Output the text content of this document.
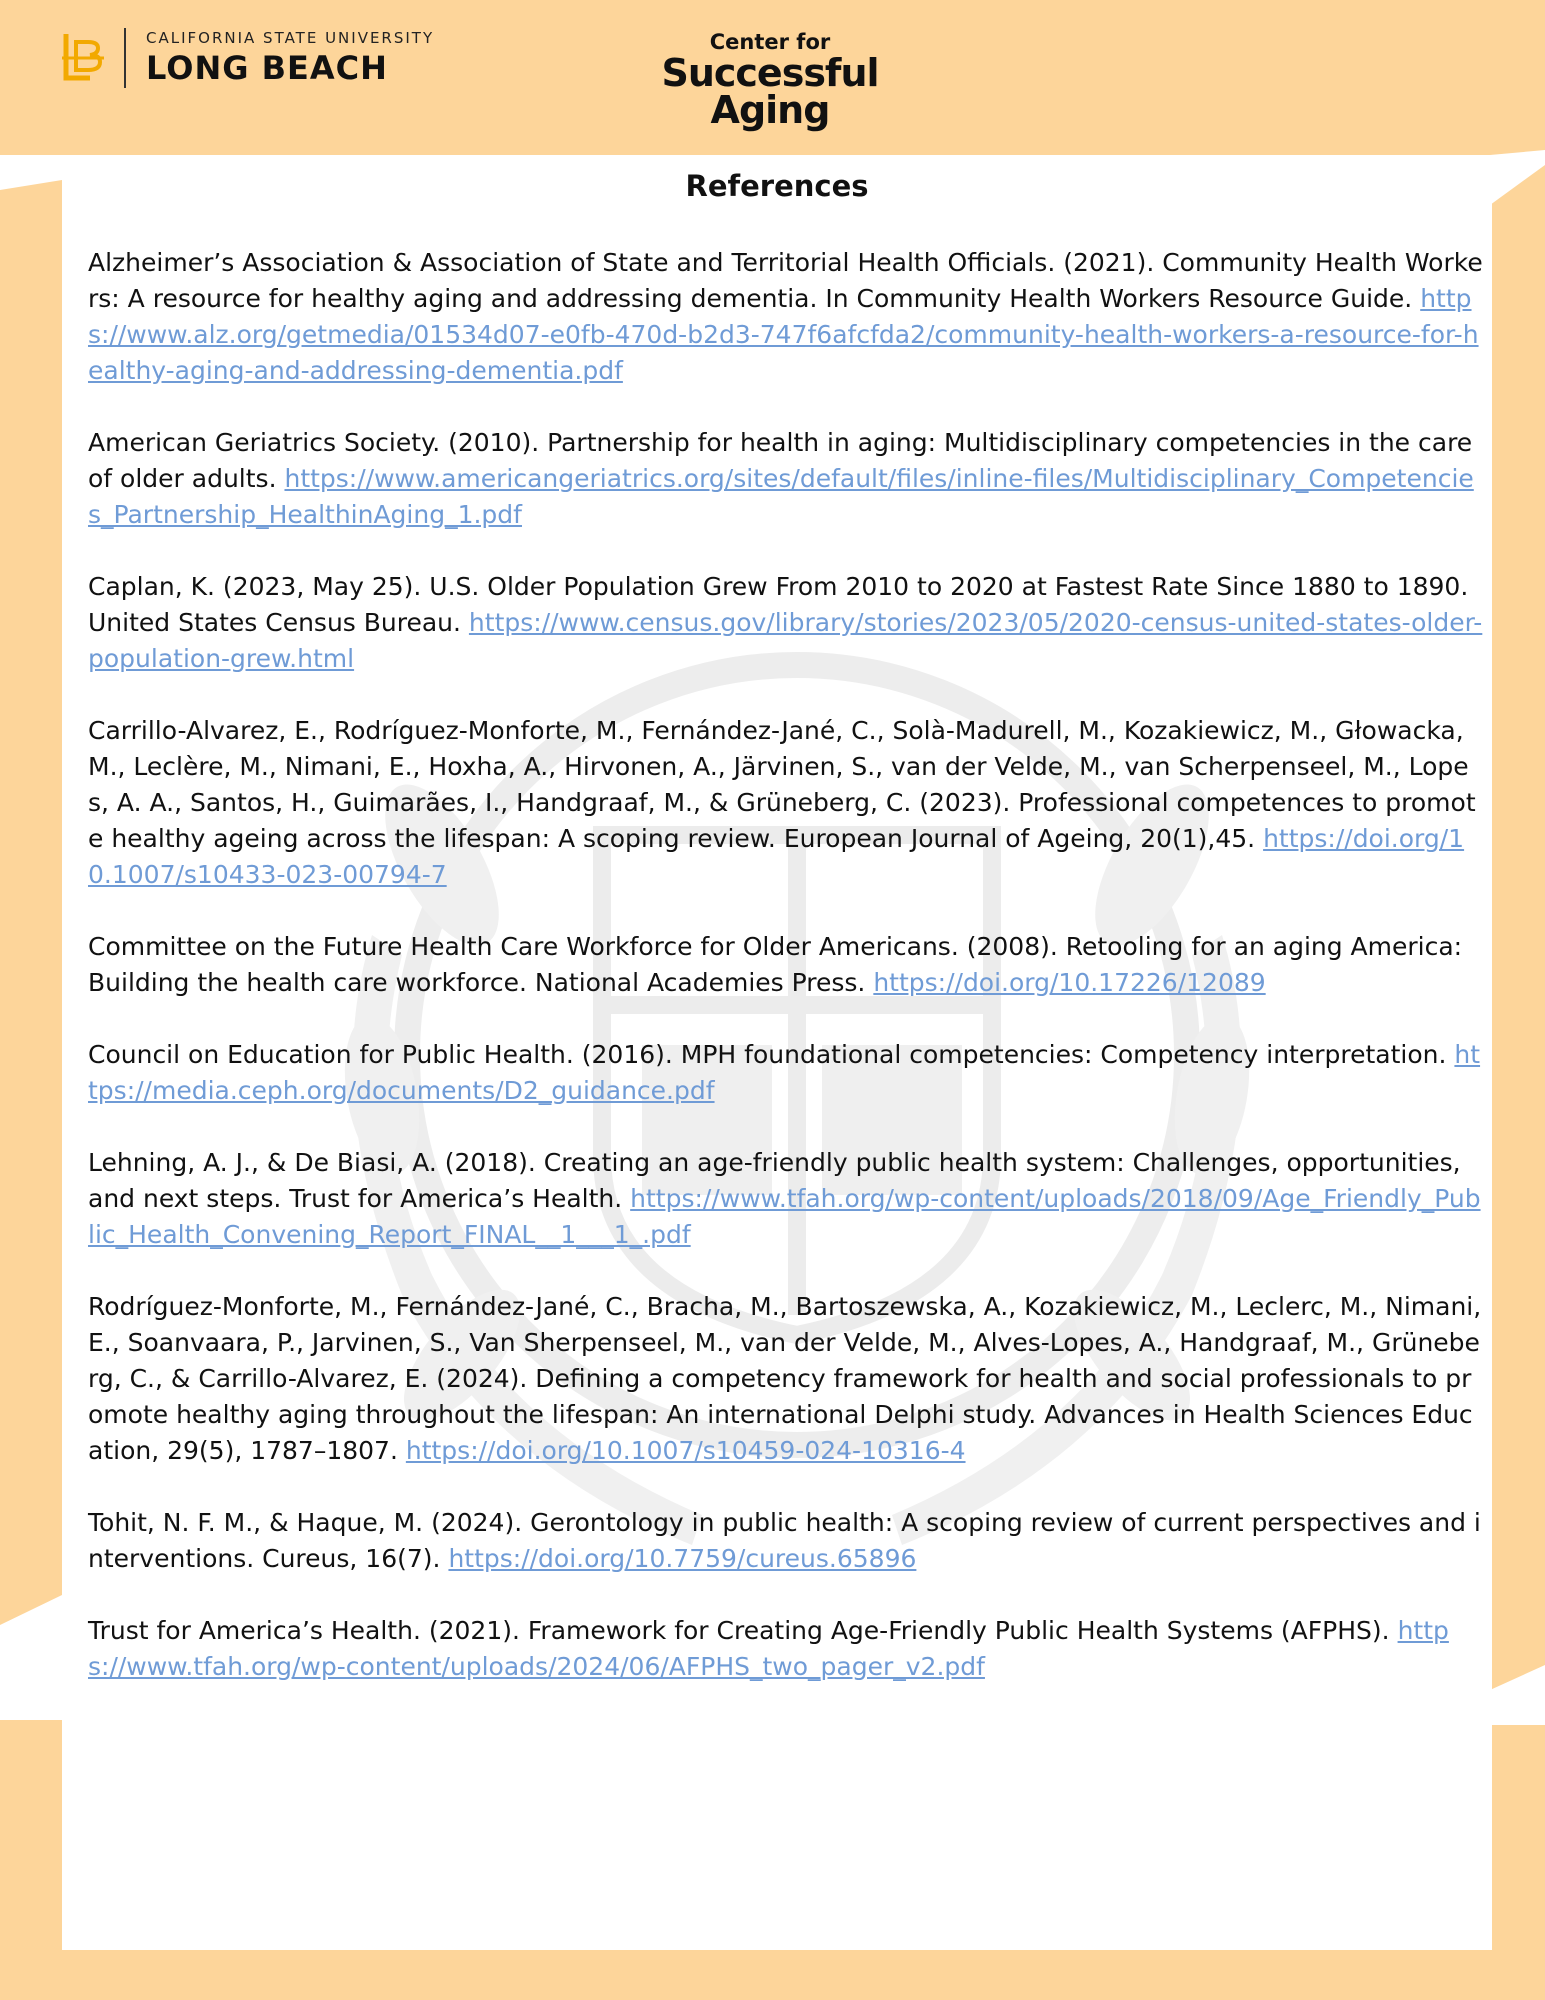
CALIFORNIA STATE UNIVERSITY
LONG BEACH
Center for
Successful
Aging
References
Alzheimer’s Association & Association of State and Territorial Health Officials. (2021). Community Health Workers: A resource for healthy aging and addressing dementia. In Community Health Workers Resource Guide. https://www.alz.org/getmedia/01534d07-e0fb-470d-b2d3-747f6afcfda2/community-health-workers-a-resource-for-healthy-aging-and-addressing-dementia.pdf
American Geriatrics Society. (2010). Partnership for health in aging: Multidisciplinary competencies in the care of older adults. https://www.americangeriatrics.org/sites/default/files/inline-files/Multidisciplinary_Competencies_Partnership_HealthinAging_1.pdf
Caplan, K. (2023, May 25). U.S. Older Population Grew From 2010 to 2020 at Fastest Rate Since 1880 to 1890. United States Census Bureau. https://www.census.gov/library/stories/2023/05/2020-census-united-states-older-population-grew.html
Carrillo-Alvarez, E., Rodríguez-Monforte, M., Fernández-Jané, C., Solà-Madurell, M., Kozakiewicz, M., Głowacka, M., Leclère, M., Nimani, E., Hoxha, A., Hirvonen, A., Järvinen, S., van der Velde, M., van Scherpenseel, M., Lopes, A. A., Santos, H., Guimarães, I., Handgraaf, M., & Grüneberg, C. (2023). Professional competences to promote healthy ageing across the lifespan: A scoping review. European Journal of Ageing, 20(1),45. https://doi.org/10.1007/s10433-023-00794-7
Committee on the Future Health Care Workforce for Older Americans. (2008). Retooling for an aging America: Building the health care workforce. National Academies Press. https://doi.org/10.17226/12089
Council on Education for Public Health. (2016). MPH foundational competencies: Competency interpretation. https://media.ceph.org/documents/D2_guidance.pdf
Lehning, A. J., & De Biasi, A. (2018). Creating an age-friendly public health system: Challenges, opportunities, and next steps. Trust for America’s Health. https://www.tfah.org/wp-content/uploads/2018/09/Age_Friendly_Public_Health_Convening_Report_FINAL__1___1_.pdf
Rodríguez-Monforte, M., Fernández-Jané, C., Bracha, M., Bartoszewska, A., Kozakiewicz, M., Leclerc, M., Nimani, E., Soanvaara, P., Jarvinen, S., Van Sherpenseel, M., van der Velde, M., Alves-Lopes, A., Handgraaf, M., Grüneberg, C., & Carrillo-Alvarez, E. (2024). Defining a competency framework for health and social professionals to promote healthy aging throughout the lifespan: An international Delphi study. Advances in Health Sciences Education, 29(5), 1787–1807. https://doi.org/10.1007/s10459-024-10316-4
Tohit, N. F. M., & Haque, M. (2024). Gerontology in public health: A scoping review of current perspectives and interventions. Cureus, 16(7). https://doi.org/10.7759/cureus.65896
Trust for America’s Health. (2021). Framework for Creating Age-Friendly Public Health Systems (AFPHS). https://www.tfah.org/wp-content/uploads/2024/06/AFPHS_two_pager_v2.pdf
